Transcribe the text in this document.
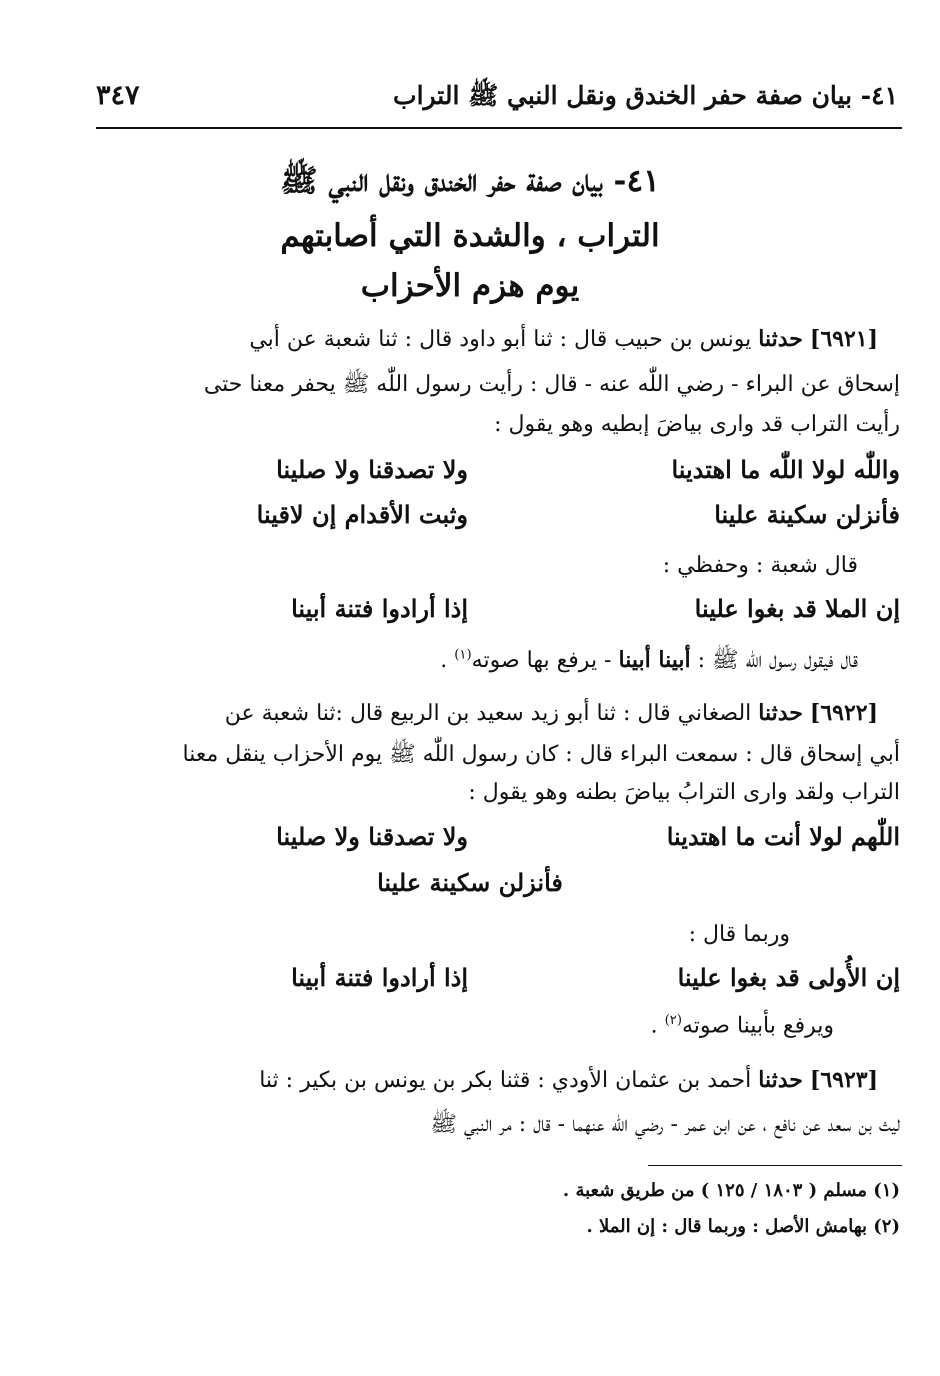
٤١- بيان صفة حفر الخندق ونقل النبي ﷺ التراب
٣٤٧
٤١- بيان صفة حفر الخندق ونقل النبي ﷺ
التراب ، والشدة التي أصابتهم
يوم هزم الأحزاب
[٦٩٢١] حدثنا يونس بن حبيب قال : ثنا أبو داود قال : ثنا شعبة عن أبي
إسحاق عن البراء - رضي اللّٰه عنه - قال : رأيت رسول اللّٰه ﷺ يحفر معنا حتى
رأيت التراب قد وارى بياضَ إبطيه وهو يقول :
واللّٰه لولا اللّٰه ما اهتدينا
ولا تصدقنا ولا صلينا
فأنزلن سكينة علينا
وثبت الأقدام إن لاقينا
قال شعبة : وحفظي :
إن الملا قد بغوا علينا
إذا أرادوا فتنة أبينا
قال فيقول رسول اللّٰه ﷺ : أبينا أبينا - يرفع بها صوته$^{(١)}$ .
[٦٩٢٢] حدثنا الصغاني قال : ثنا أبو زيد سعيد بن الربيع قال :ثنا شعبة عن
أبي إسحاق قال : سمعت البراء قال : كان رسول اللّٰه ﷺ يوم الأحزاب ينقل معنا
التراب ولقد وارى الترابُ بياضَ بطنه وهو يقول :
اللّٰهم لولا أنت ما اهتدينا
ولا تصدقنا ولا صلينا
فأنزلن سكينة علينا
وربما قال :
إن الأُولى قد بغوا علينا
إذا أرادوا فتنة أبينا
ويرفع بأبينا صوته$^{(٢)}$ .
[٦٩٢٣] حدثنا أحمد بن عثمان الأودي : قثنا بكر بن يونس بن بكير : ثنا
ليث بن سعد عن نافع ، عن ابن عمر - رضي اللّٰه عنهما - قال : مر النبي ﷺ
(١) مسلم ( ١٨٠٣ / ١٢٥ ) من طريق شعبة .
(٢) بهامش الأصل : وربما قال : إن الملا .
